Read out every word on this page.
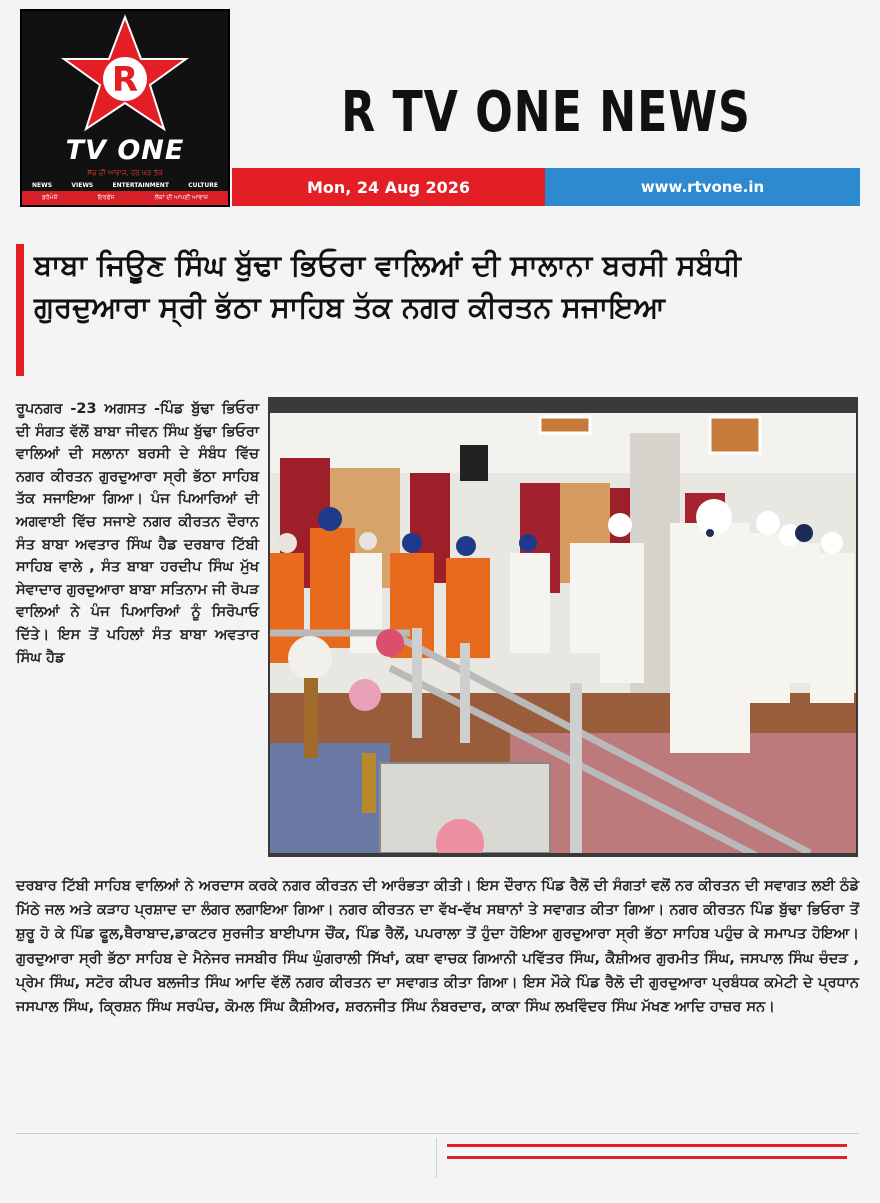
R
TV ONE
ਸੱਚ ਦੀ ਆਵਾਜ਼, ਹਰ ਘਰ ਤੱਕ
NEWS	VIEWS	ENTERTAINMENT	CULTURE
ਡਰੋਮੇਸ਼ੋ	ਇਰਫੇਂਸ	ਲੋਕਾਂ ਦੀ ਆਪਣੀ ਆਵਾਜ਼
R TV ONE NEWS
Mon, 24 Aug 2026	www.rtvone.in
ਬਾਬਾ ਜਿਊਣ ਸਿੰਘ ਬੁੱਢਾ ਭਿਓਰਾ ਵਾਲਿਆਂ ਦੀ ਸਾਲਾਨਾ ਬਰਸੀ ਸਬੰਧੀ ਗੁਰਦੁਆਰਾ ਸ੍ਰੀ ਭੱਠਾ ਸਾਹਿਬ ਤੱਕ ਨਗਰ ਕੀਰਤਨ ਸਜਾਇਆ
ਰੂਪਨਗਰ -23 ਅਗਸਤ -ਪਿੰਡ ਬੁੱਢਾ ਭਿਓਰਾ ਦੀ ਸੰਗਤ ਵੱਲੋਂ ਬਾਬਾ ਜੀਵਨ ਸਿੰਘ ਬੁੱਢਾ ਭਿਓਰਾ ਵਾਲਿਆਂ ਦੀ ਸਲਾਨਾ ਬਰਸੀ ਦੇ ਸੰਬੰਧ ਵਿੱਚ ਨਗਰ ਕੀਰਤਨ ਗੁਰਦੁਆਰਾ ਸ੍ਰੀ ਭੱਠਾ ਸਾਹਿਬ ਤੱਕ ਸਜਾਇਆ ਗਿਆ। ਪੰਜ ਪਿਆਰਿਆਂ ਦੀ ਅਗਵਾਈ ਵਿੱਚ ਸਜਾਏ ਨਗਰ ਕੀਰਤਨ ਦੌਰਾਨ ਸੰਤ ਬਾਬਾ ਅਵਤਾਰ ਸਿੰਘ ਹੈਡ ਦਰਬਾਰ ਟਿੱਬੀ ਸਾਹਿਬ ਵਾਲੇ , ਸੰਤ ਬਾਬਾ ਹਰਦੀਪ ਸਿੰਘ ਮੁੱਖ ਸੇਵਾਦਾਰ ਗੁਰਦੁਆਰਾ ਬਾਬਾ ਸਤਿਨਾਮ ਜੀ ਰੋਪੜ ਵਾਲਿਆਂ ਨੇ ਪੰਜ ਪਿਆਰਿਆਂ ਨੂੰ ਸਿਰੋਪਾਓ ਦਿੱਤੇ। ਇਸ ਤੋਂ ਪਹਿਲਾਂ ਸੰਤ ਬਾਬਾ ਅਵਤਾਰ ਸਿੰਘ ਹੈਡ

ਦਰਬਾਰ ਟਿੱਬੀ ਸਾਹਿਬ ਵਾਲਿਆਂ ਨੇ ਅਰਦਾਸ ਕਰਕੇ ਨਗਰ ਕੀਰਤਨ ਦੀ ਆਰੰਭਤਾ ਕੀਤੀ। ਇਸ ਦੌਰਾਨ ਪਿੰਡ ਰੈਲੋਂ ਦੀ ਸੰਗਤਾਂ ਵਲੋਂ ਨਰ ਕੀਰਤਨ ਦੀ ਸਵਾਗਤ ਲਈ ਠੰਡੇ ਮਿੱਠੇ ਜਲ ਅਤੇ ਕੜਾਹ ਪ੍ਰਸ਼ਾਦ ਦਾ ਲੰਗਰ ਲਗਾਇਆ ਗਿਆ। ਨਗਰ ਕੀਰਤਨ ਦਾ ਵੱਖ-ਵੱਖ ਸਥਾਨਾਂ ਤੇ ਸਵਾਗਤ ਕੀਤਾ ਗਿਆ। ਨਗਰ ਕੀਰਤਨ ਪਿੰਡ ਬੁੱਢਾ ਭਿਓਰਾ ਤੋਂ ਸ਼ੁਰੂ ਹੋ ਕੇ ਪਿੰਡ ਫੂਲ,ਥੈਰਾਬਾਦ,ਡਾਕਟਰ ਸੁਰਜੀਤ ਬਾਈਪਾਸ ਚੌਂਕ, ਪਿੰਡ ਰੈਲੋਂ, ਪਪਰਾਲਾ ਤੋਂ ਹੁੰਦਾ ਹੋਇਆ ਗੁਰਦੁਆਰਾ ਸ੍ਰੀ ਭੱਠਾ ਸਾਹਿਬ ਪਹੁੰਚ ਕੇ ਸਮਾਪਤ ਹੋਇਆ। ਗੁਰਦੁਆਰਾ ਸ੍ਰੀ ਭੱਠਾ ਸਾਹਿਬ ਦੇ ਮੈਨੇਜਰ ਜਸਬੀਰ ਸਿੰਘ ਘੁੰਗਰਾਲੀ ਸਿੱਖਾਂ, ਕਥਾ ਵਾਚਕ ਗਿਆਨੀ ਪਵਿੱਤਰ ਸਿੰਘ, ਕੈਸ਼ੀਅਰ ਗੁਰਮੀਤ ਸਿੰਘ, ਜਸਪਾਲ ਸਿੰਘ ਚੰਦੜ , ਪ੍ਰੇਮ ਸਿੰਘ, ਸਟੋਰ ਕੀਪਰ ਬਲਜੀਤ ਸਿੰਘ ਆਦਿ ਵੱਲੋਂ ਨਗਰ ਕੀਰਤਨ ਦਾ ਸਵਾਗਤ ਕੀਤਾ ਗਿਆ। ਇਸ ਮੌਕੇ ਪਿੰਡ ਰੈਲੋ ਦੀ ਗੁਰਦੁਆਰਾ ਪ੍ਰਬੰਧਕ ਕਮੇਟੀ ਦੇ ਪ੍ਰਧਾਨ ਜਸਪਾਲ ਸਿੰਘ, ਕ੍ਰਿਸ਼ਨ ਸਿੰਘ ਸਰਪੰਚ, ਕੋਮਲ ਸਿੰਘ ਕੈਸ਼ੀਅਰ, ਸ਼ਰਨਜੀਤ ਸਿੰਘ ਨੰਬਰਦਾਰ, ਕਾਕਾ ਸਿੰਘ ਲਖਵਿੰਦਰ ਸਿੰਘ ਮੱਖਣ ਆਦਿ ਹਾਜ਼ਰ ਸਨ।
